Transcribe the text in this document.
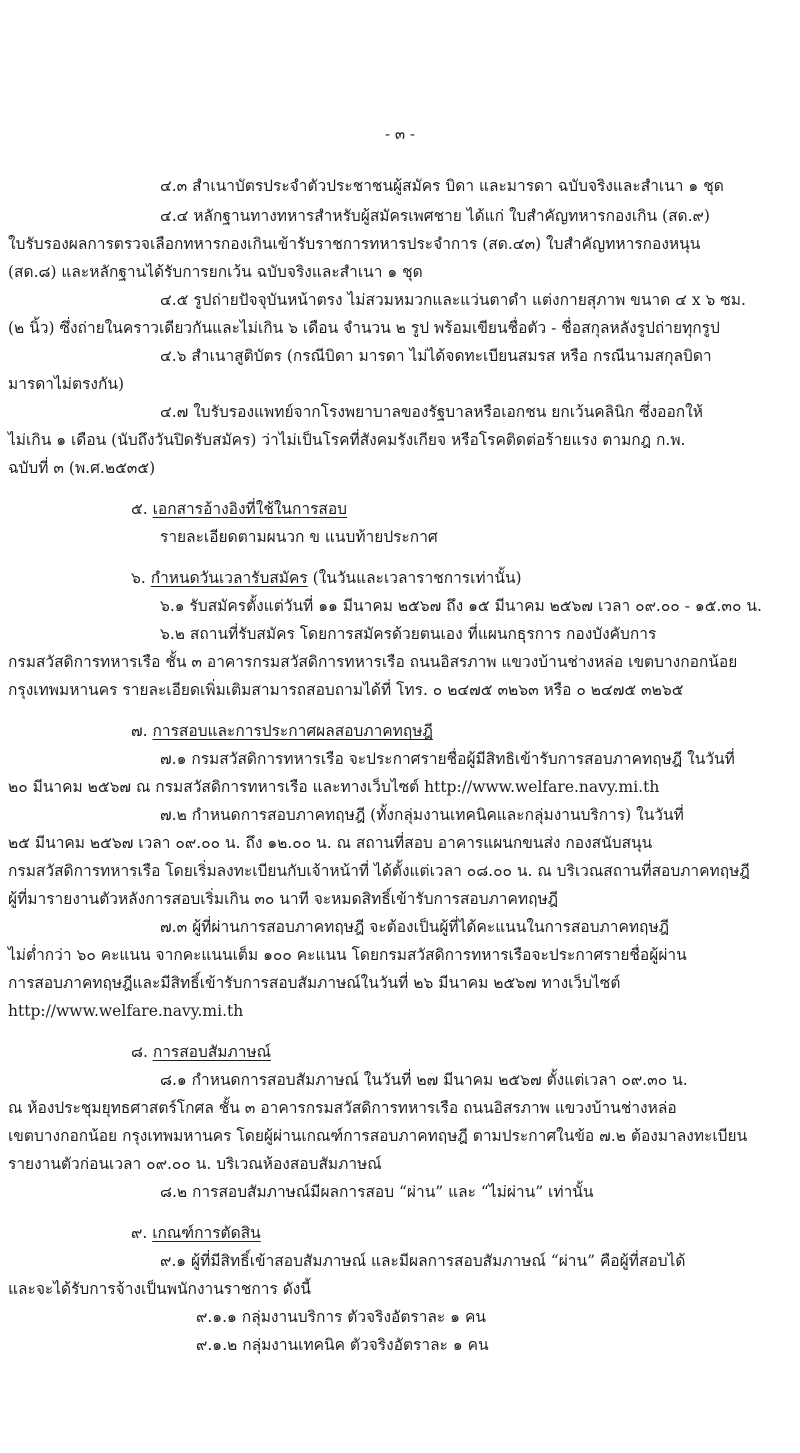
- ๓ -
๔.๓ สำเนาบัตรประจำตัวประชาชนผู้สมัคร บิดา และมารดา ฉบับจริงและสำเนา ๑ ชุด
๔.๔ หลักฐานทางทหารสำหรับผู้สมัครเพศชาย ได้แก่ ใบสำคัญทหารกองเกิน (สด.๙)
ใบรับรองผลการตรวจเลือกทหารกองเกินเข้ารับราชการทหารประจำการ (สด.๔๓) ใบสำคัญทหารกองหนุน
(สด.๘) และหลักฐานได้รับการยกเว้น ฉบับจริงและสำเนา ๑ ชุด
๔.๕ รูปถ่ายปัจจุบันหน้าตรง ไม่สวมหมวกและแว่นตาดำ แต่งกายสุภาพ ขนาด ๔ x ๖ ซม.
(๒ นิ้ว) ซึ่งถ่ายในคราวเดียวกันและไม่เกิน ๖ เดือน จำนวน ๒ รูป พร้อมเขียนชื่อตัว - ชื่อสกุลหลังรูปถ่ายทุกรูป
๔.๖ สำเนาสูติบัตร (กรณีบิดา มารดา ไม่ได้จดทะเบียนสมรส หรือ กรณีนามสกุลบิดา
มารดาไม่ตรงกัน)
๔.๗ ใบรับรองแพทย์จากโรงพยาบาลของรัฐบาลหรือเอกชน ยกเว้นคลินิก ซึ่งออกให้
ไม่เกิน ๑ เดือน (นับถึงวันปิดรับสมัคร) ว่าไม่เป็นโรคที่สังคมรังเกียจ หรือโรคติดต่อร้ายแรง ตามกฎ ก.พ.
ฉบับที่ ๓ (พ.ศ.๒๕๓๕)
๕. เอกสารอ้างอิงที่ใช้ในการสอบ
รายละเอียดตามผนวก ข แนบท้ายประกาศ
๖. กำหนดวันเวลารับสมัคร (ในวันและเวลาราชการเท่านั้น)
๖.๑ รับสมัครตั้งแต่วันที่ ๑๑ มีนาคม ๒๕๖๗ ถึง ๑๕ มีนาคม ๒๕๖๗ เวลา ๐๙.๐๐ - ๑๕.๓๐ น.
๖.๒ สถานที่รับสมัคร โดยการสมัครด้วยตนเอง ที่แผนกธุรการ กองบังคับการ
กรมสวัสดิการทหารเรือ ชั้น ๓ อาคารกรมสวัสดิการทหารเรือ ถนนอิสรภาพ แขวงบ้านช่างหล่อ เขตบางกอกน้อย
กรุงเทพมหานคร รายละเอียดเพิ่มเติมสามารถสอบถามได้ที่ โทร. ๐ ๒๔๗๕ ๓๒๖๓ หรือ ๐ ๒๔๗๕ ๓๒๖๕
๗. การสอบและการประกาศผลสอบภาคทฤษฎี
๗.๑ กรมสวัสดิการทหารเรือ จะประกาศรายชื่อผู้มีสิทธิเข้ารับการสอบภาคทฤษฎี ในวันที่
๒๐ มีนาคม ๒๕๖๗ ณ กรมสวัสดิการทหารเรือ และทางเว็บไซต์ http://www.welfare.navy.mi.th
๗.๒ กำหนดการสอบภาคทฤษฎี (ทั้งกลุ่มงานเทคนิคและกลุ่มงานบริการ) ในวันที่
๒๕ มีนาคม ๒๕๖๗ เวลา ๐๙.๐๐ น. ถึง ๑๒.๐๐ น. ณ สถานที่สอบ อาคารแผนกขนส่ง กองสนับสนุน
กรมสวัสดิการทหารเรือ โดยเริ่มลงทะเบียนกับเจ้าหน้าที่ ได้ตั้งแต่เวลา ๐๘.๐๐ น. ณ บริเวณสถานที่สอบภาคทฤษฎี
ผู้ที่มารายงานตัวหลังการสอบเริ่มเกิน ๓๐ นาที จะหมดสิทธิ์เข้ารับการสอบภาคทฤษฎี
๗.๓ ผู้ที่ผ่านการสอบภาคทฤษฎี จะต้องเป็นผู้ที่ได้คะแนนในการสอบภาคทฤษฎี
ไม่ต่ำกว่า ๖๐ คะแนน จากคะแนนเต็ม ๑๐๐ คะแนน โดยกรมสวัสดิการทหารเรือจะประกาศรายชื่อผู้ผ่าน
การสอบภาคทฤษฎีและมีสิทธิ์เข้ารับการสอบสัมภาษณ์ในวันที่ ๒๖ มีนาคม ๒๕๖๗ ทางเว็บไซต์
http://www.welfare.navy.mi.th
๘. การสอบสัมภาษณ์
๘.๑ กำหนดการสอบสัมภาษณ์ ในวันที่ ๒๗ มีนาคม ๒๕๖๗ ตั้งแต่เวลา ๐๙.๓๐ น.
ณ ห้องประชุมยุทธศาสตร์โกศล ชั้น ๓ อาคารกรมสวัสดิการทหารเรือ ถนนอิสรภาพ แขวงบ้านช่างหล่อ
เขตบางกอกน้อย กรุงเทพมหานคร โดยผู้ผ่านเกณฑ์การสอบภาคทฤษฎี ตามประกาศในข้อ ๗.๒ ต้องมาลงทะเบียน
รายงานตัวก่อนเวลา ๐๙.๐๐ น. บริเวณห้องสอบสัมภาษณ์
๘.๒ การสอบสัมภาษณ์มีผลการสอบ “ผ่าน” และ “ไม่ผ่าน” เท่านั้น
๙. เกณฑ์การตัดสิน
๙.๑ ผู้ที่มีสิทธิ์เข้าสอบสัมภาษณ์ และมีผลการสอบสัมภาษณ์ “ผ่าน” คือผู้ที่สอบได้
และจะได้รับการจ้างเป็นพนักงานราชการ ดังนี้
๙.๑.๑ กลุ่มงานบริการ ตัวจริงอัตราละ ๑ คน
๙.๑.๒ กลุ่มงานเทคนิค ตัวจริงอัตราละ ๑ คน
